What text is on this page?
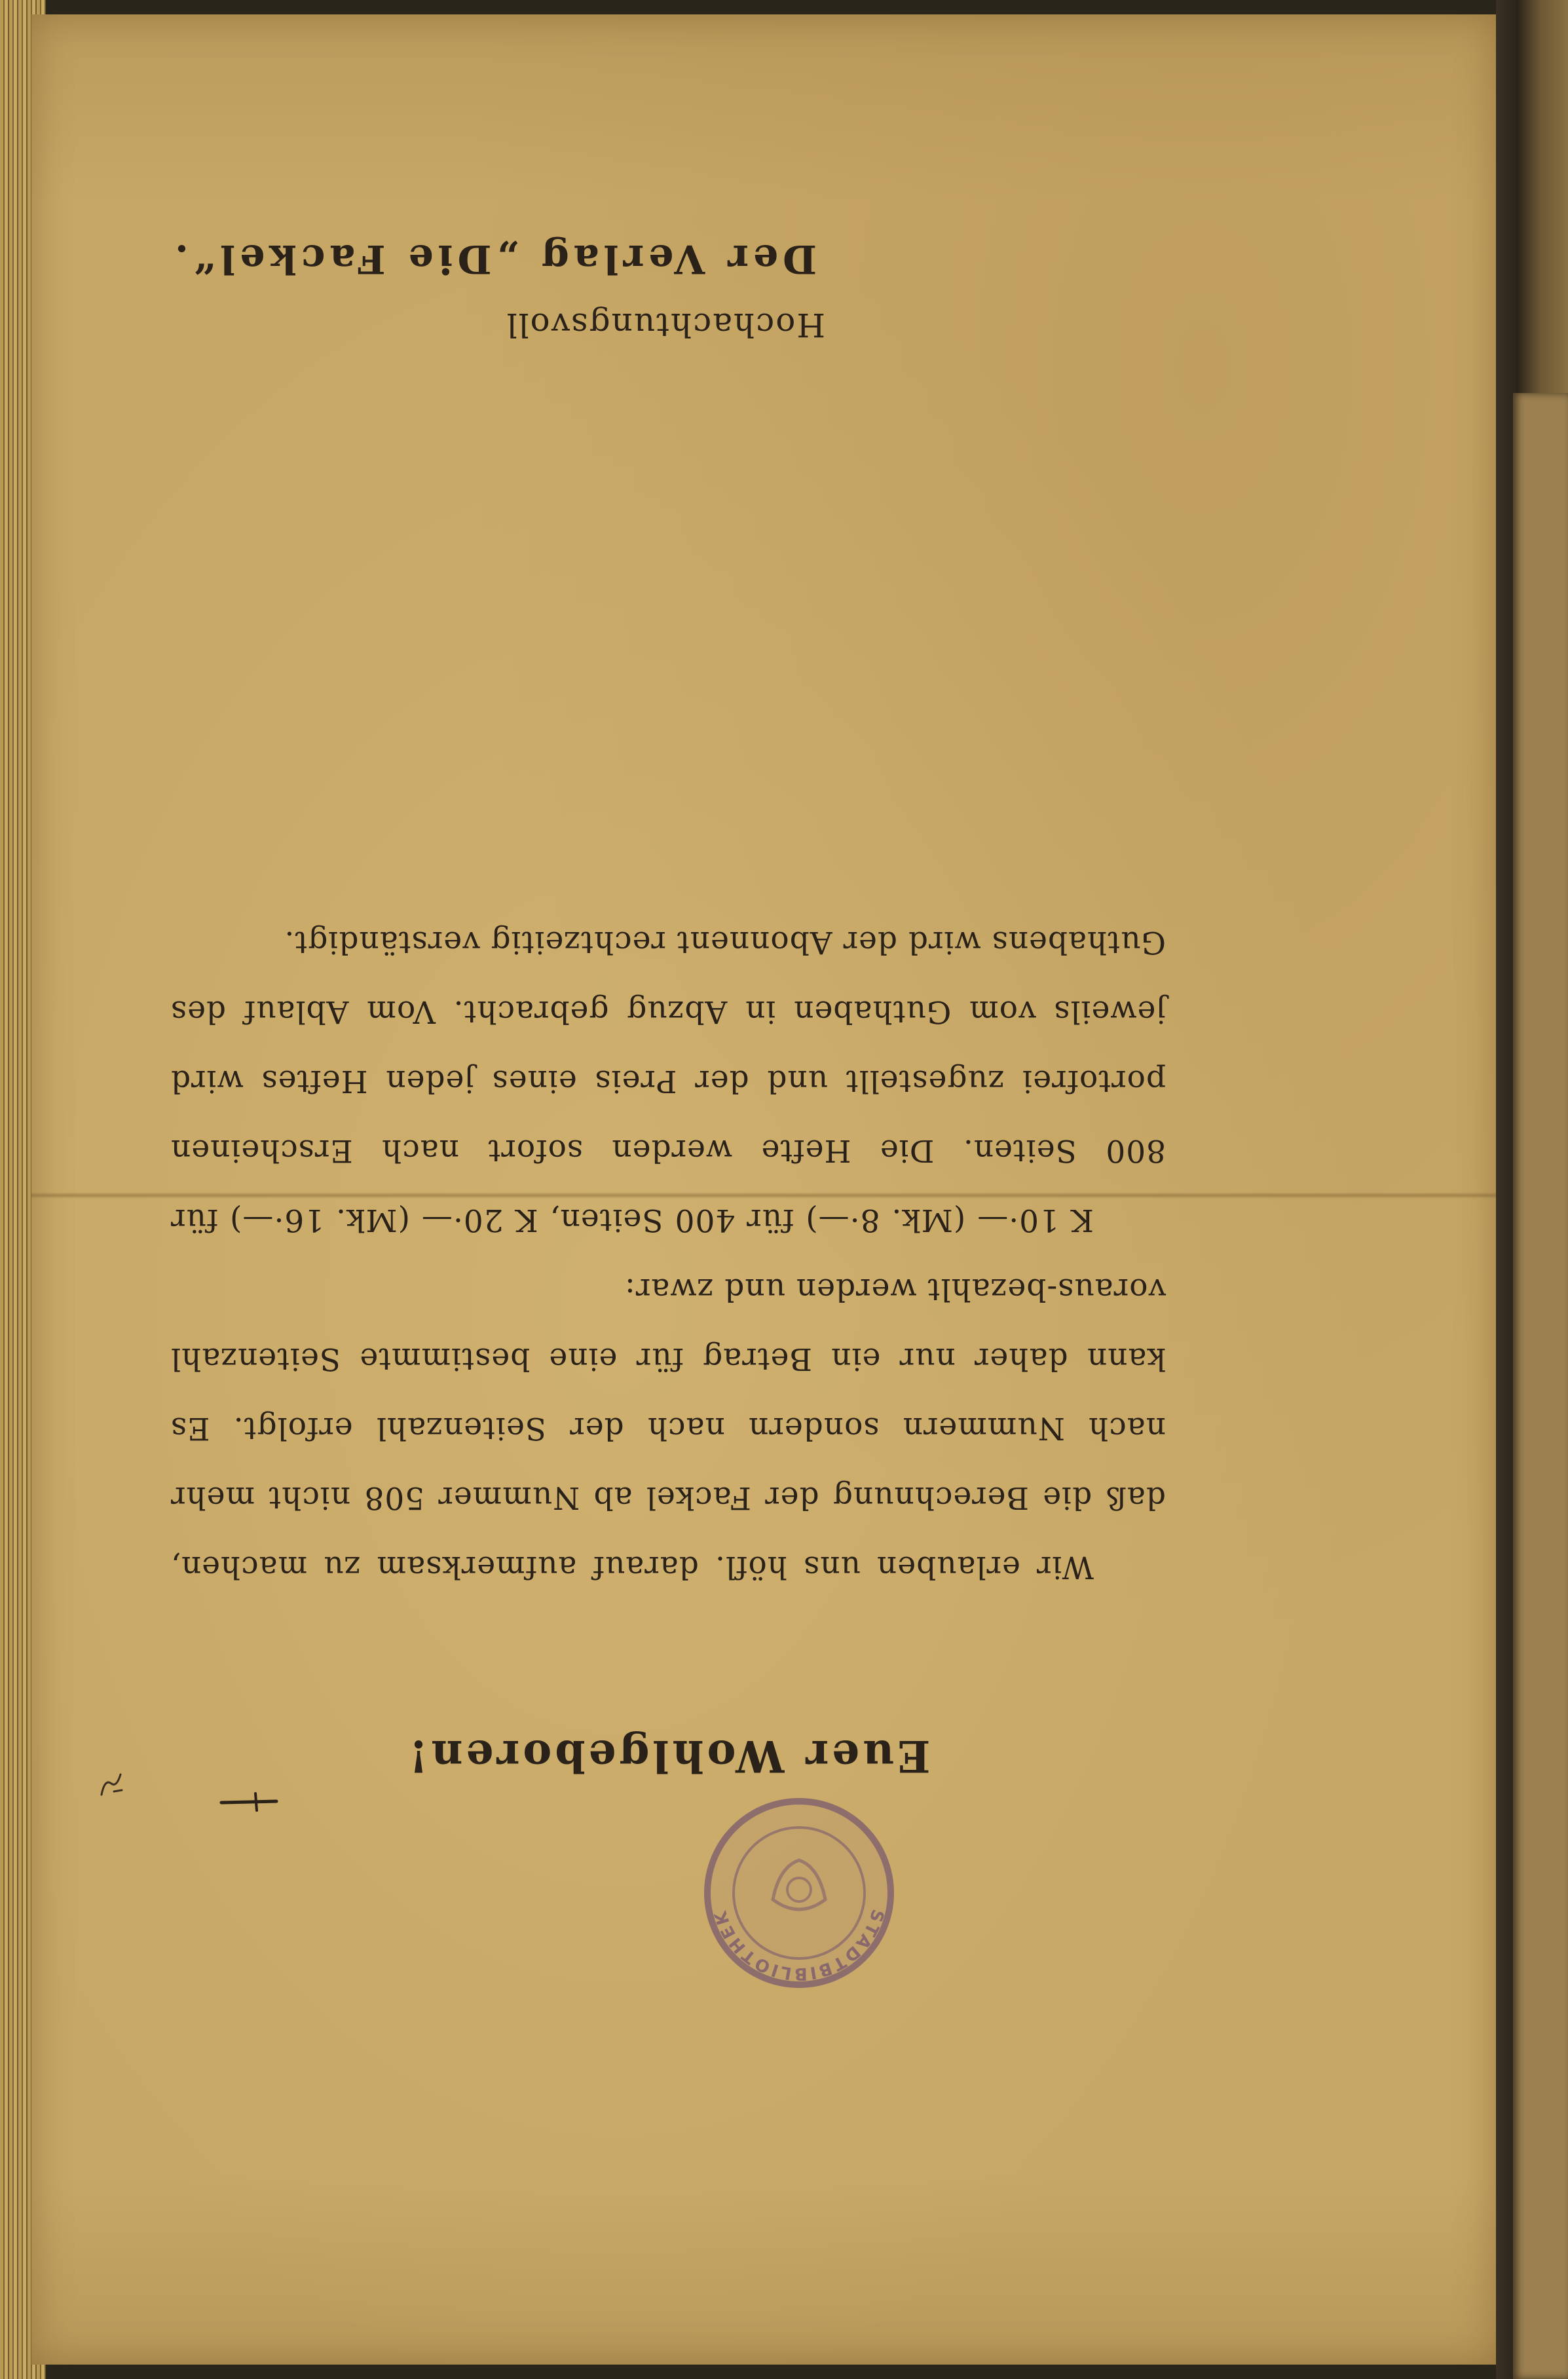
Euer Wohlgeboren!

Wir erlauben uns höfl. darauf aufmerksam zu machen, daß die Berechnung der Fackel ab Nummer 508 nicht mehr nach Nummern sondern nach der Seitenzahl erfolgt. Es kann daher nur ein Betrag für eine bestimmte Seitenzahl voraus-bezahlt werden und zwar:

K 10·— (Mk. 8·—) für 400 Seiten, K 20·— (Mk. 16·—) für 800 Seiten. Die Hefte werden sofort nach Erscheinen portofrei zugestellt und der Preis eines jeden Heftes wird jeweils vom Guthaben in Abzug gebracht. Vom Ablauf des Guthabens wird der Abonnent rechtzeitig verständigt.

Hochachtungsvoll
Der Verlag „Die Fackel“.
STADTBIBLIOTHEK
